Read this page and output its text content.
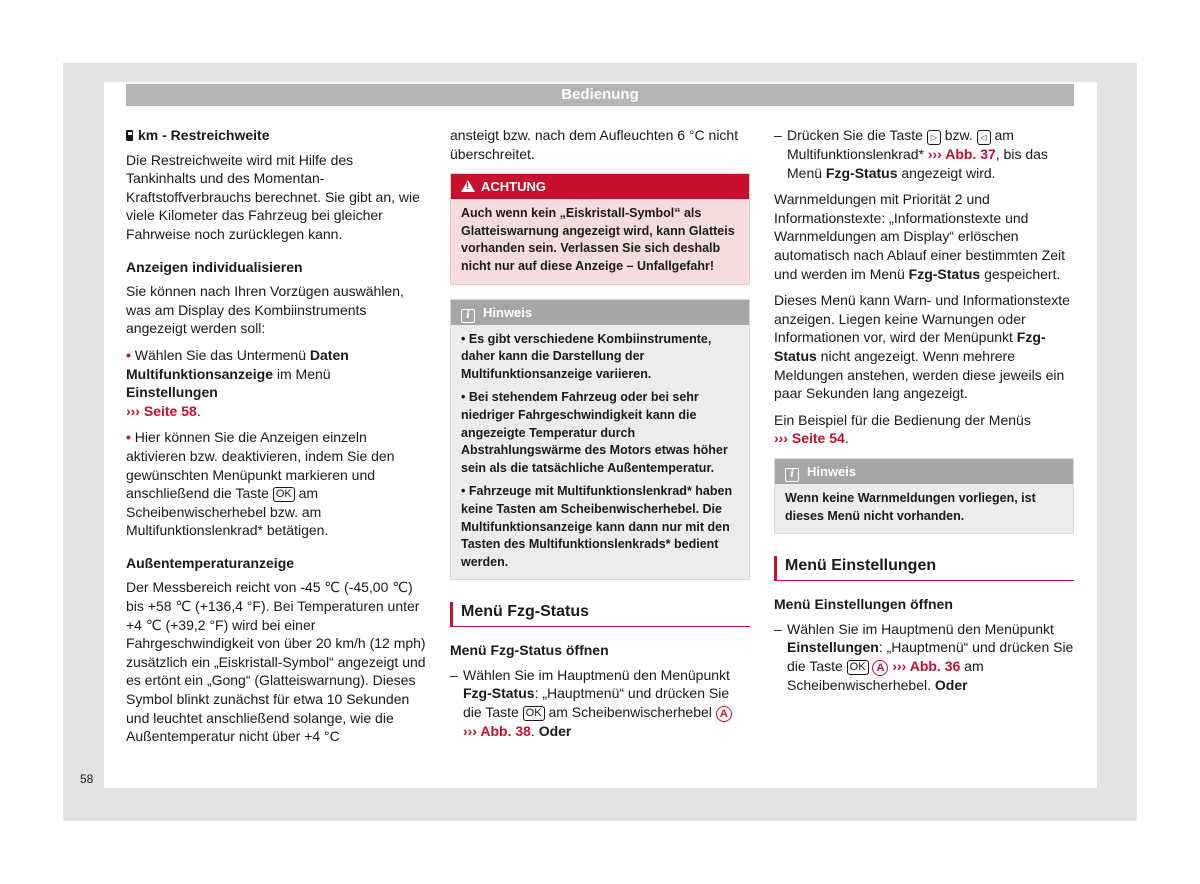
Bedienung
km - Restreichweite

Die Restreichweite wird mit Hilfe des Tankinhalts und des Momentan-Kraftstoffverbrauchs berechnet. Sie gibt an, wie viele Kilometer das Fahrzeug bei gleicher Fahrweise noch zurücklegen kann.

Anzeigen individualisieren

Sie können nach Ihren Vorzügen auswählen, was am Display des Kombiinstruments angezeigt werden soll:

• Wählen Sie das Untermenü Daten Multifunktionsanzeige im Menü Einstellungen
››› Seite 58.
• Hier können Sie die Anzeigen einzeln aktivieren bzw. deaktivieren, indem Sie den gewünschten Menüpunkt markieren und anschließend die Taste OK am Scheibenwischerhebel bzw. am Multifunktionslenkrad* betätigen.
Außentemperaturanzeige

Der Messbereich reicht von -45 ℃ (-45,00 ℃) bis +58 ℃ (+136,4 °F). Bei Temperaturen unter +4 ℃ (+39,2 °F) wird bei einer Fahrgeschwindigkeit von über 20 km/h (12 mph) zusätzlich ein „Eiskristall-Symbol“ angezeigt und es ertönt ein „Gong“ (Glatteiswarnung). Dieses Symbol blinkt zunächst für etwa 10 Sekunden und leuchtet anschließend solange, wie die Außentemperatur nicht über +4 °C

ansteigt bzw. nach dem Aufleuchten 6 °C nicht überschreitet.

!ACHTUNG
Auch wenn kein „Eiskristall-Symbol“ als Glatteiswarnung angezeigt wird, kann Glatteis vorhanden sein. Verlassen Sie sich deshalb nicht nur auf diese Anzeige – Unfallgefahr!
i Hinweis

• Es gibt verschiedene Kombiinstrumente, daher kann die Darstellung der Multifunktionsanzeige variieren.

• Bei stehendem Fahrzeug oder bei sehr niedriger Fahrgeschwindigkeit kann die angezeigte Temperatur durch Abstrahlungswärme des Motors etwas höher sein als die tatsächliche Außentemperatur.

• Fahrzeuge mit Multifunktionslenkrad* haben keine Tasten am Scheibenwischerhebel. Die Multifunktionsanzeige kann dann nur mit den Tasten des Multifunktionslenkrads* bedient werden.

Menü Fzg-Status
Menü Fzg-Status öffnen
– Wählen Sie im Hauptmenü den Menüpunkt Fzg-Status: „Hauptmenü“ und drücken Sie die Taste OK am Scheibenwischerhebel A
››› Abb. 38. Oder
– Drücken Sie die Taste ▷ bzw. ◁ am Multifunktionslenkrad* ››› Abb. 37, bis das Menü Fzg-Status angezeigt wird.

Warnmeldungen mit Priorität 2 und Informationstexte: „Informationstexte und Warnmeldungen am Display“ erlöschen automatisch nach Ablauf einer bestimmten Zeit und werden im Menü Fzg-Status gespeichert.

Dieses Menü kann Warn- und Informationstexte anzeigen. Liegen keine Warnungen oder Informationen vor, wird der Menüpunkt Fzg-Status nicht angezeigt. Wenn mehrere Meldungen anstehen, werden diese jeweils ein paar Sekunden lang angezeigt.

Ein Beispiel für die Bedienung der Menüs
››› Seite 54.

i Hinweis
Wenn keine Warnmeldungen vorliegen, ist dieses Menü nicht vorhanden.
Menü Einstellungen
Menü Einstellungen öffnen
– Wählen Sie im Hauptmenü den Menüpunkt Einstellungen: „Hauptmenü“ und drücken Sie die Taste OK A ››› Abb. 36 am Scheibenwischerhebel. Oder
58
